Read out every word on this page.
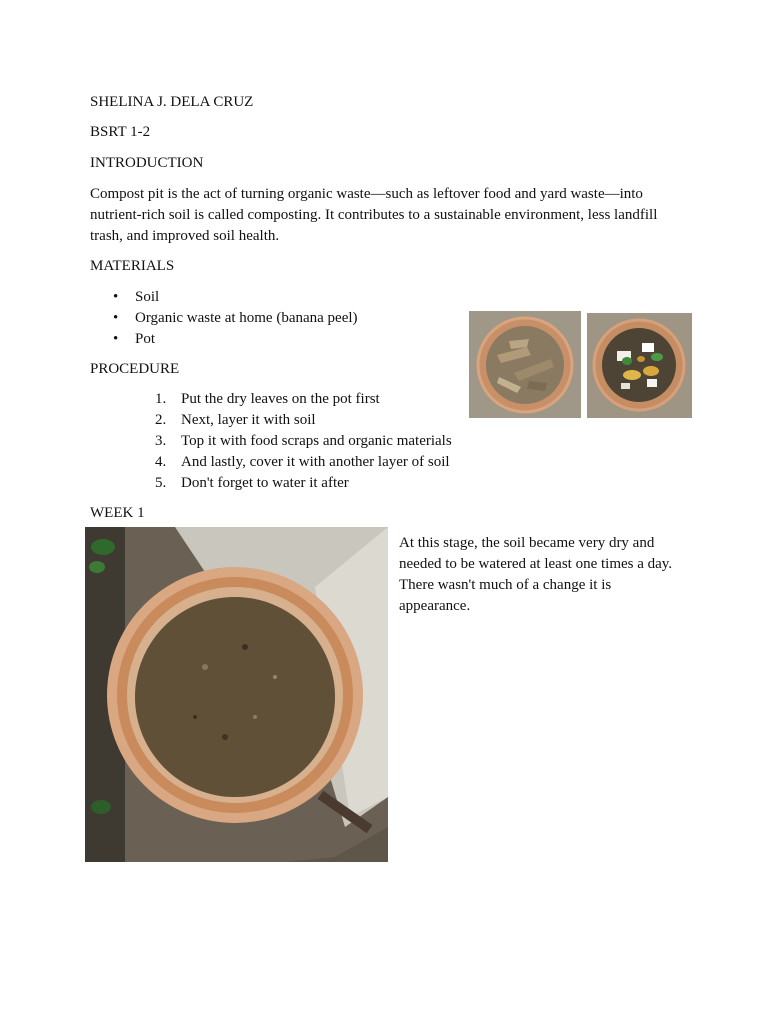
SHELINA J. DELA CRUZ
BSRT 1-2
INTRODUCTION
Compost pit is the act of turning organic waste—such as leftover food and yard waste—into nutrient-rich soil is called composting. It contributes to a sustainable environment, less landfill trash, and improved soil health.
MATERIALS
• Soil
• Organic waste at home (banana peel)
• Pot
PROCEDURE
1. Put the dry leaves on the pot first
2. Next, layer it with soil
3. Top it with food scraps and organic materials
4. And lastly, cover it with another layer of soil
5. Don't forget to water it after
WEEK 1
At this stage, the soil became very dry and needed to be watered at least one times a day. There wasn't much of a change it is appearance.
